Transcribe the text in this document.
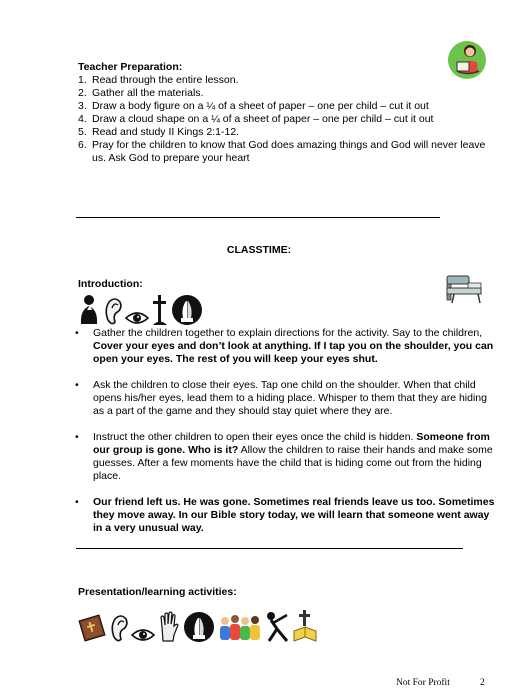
Teacher Preparation:
1. Read through the entire lesson.
2. Gather all the materials.
3. Draw a body figure on a ¼ of a sheet of paper – one per child – cut it out
4. Draw a cloud shape on a ¼ of a sheet of paper – one per child – cut it out
5. Read and study II Kings 2:1-12.
6. Pray for the children to know that God does amazing things and God will never leave us. Ask God to prepare your heart
CLASSTIME:
Introduction:
• Gather the children together to explain directions for the activity. Say to the children, Cover your eyes and don’t look at anything. If I tap you on the shoulder, you can open your eyes. The rest of you will keep your eyes shut.
• Ask the children to close their eyes. Tap one child on the shoulder. When that child opens his/her eyes, lead them to a hiding place. Whisper to them that they are hiding as a part of the game and they should stay quiet where they are.
• Instruct the other children to open their eyes once the child is hidden. Someone from our group is gone. Who is it? Allow the children to raise their hands and make some guesses. After a few moments have the child that is hiding come out from the hiding place.
• Our friend left us. He was gone. Sometimes real friends leave us too. Sometimes they move away. In our Bible story today, we will learn that someone went away in a very unusual way.
Presentation/learning activities:
Not For Profit	2
